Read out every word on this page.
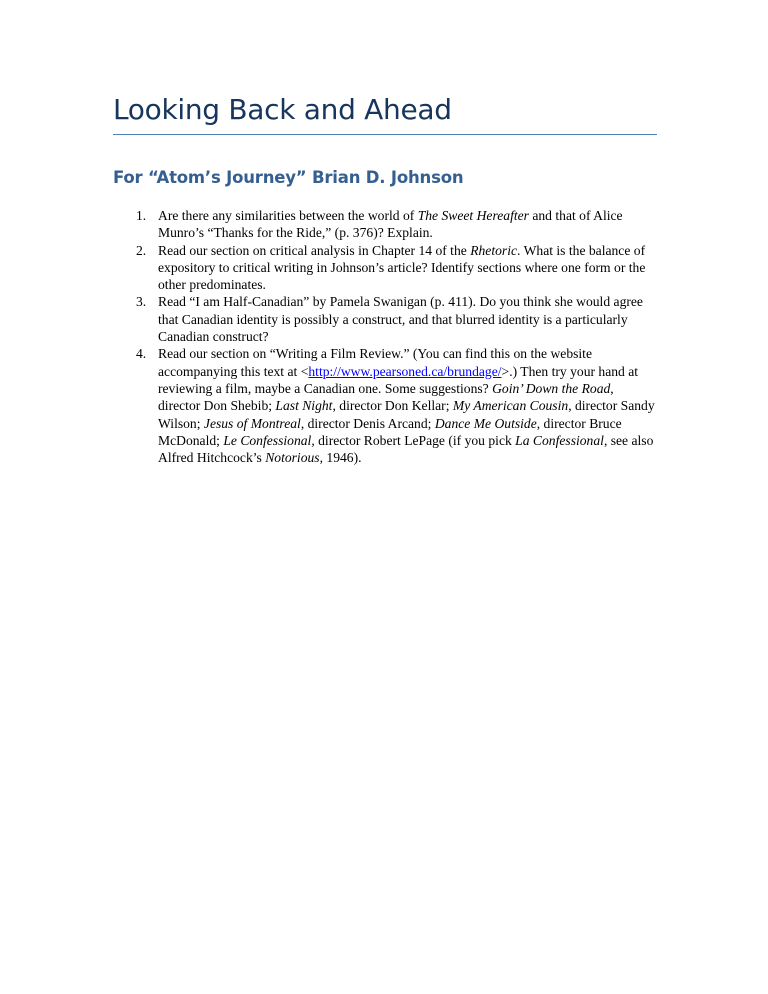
Looking Back and Ahead
For “Atom’s Journey” Brian D. Johnson
1. Are there any similarities between the world of The Sweet Hereafter and that of Alice Munro’s “Thanks for the Ride,” (p. 376)? Explain.
2. Read our section on critical analysis in Chapter 14 of the Rhetoric. What is the balance of expository to critical writing in Johnson’s article? Identify sections where one form or the other predominates.
3. Read “I am Half-Canadian” by Pamela Swanigan (p. 411). Do you think she would agree that Canadian identity is possibly a construct, and that blurred identity is a particularly Canadian construct?
4. Read our section on “Writing a Film Review.” (You can find this on the website accompanying this text at <http://www.pearsoned.ca/brundage/>.) Then try your hand at reviewing a film, maybe a Canadian one. Some suggestions? Goin’ Down the Road, director Don Shebib; Last Night, director Don Kellar; My American Cousin, director Sandy Wilson; Jesus of Montreal, director Denis Arcand; Dance Me Outside, director Bruce McDonald; Le Confessional, director Robert LePage (if you pick La Confessional, see also Alfred Hitchcock’s Notorious, 1946).
